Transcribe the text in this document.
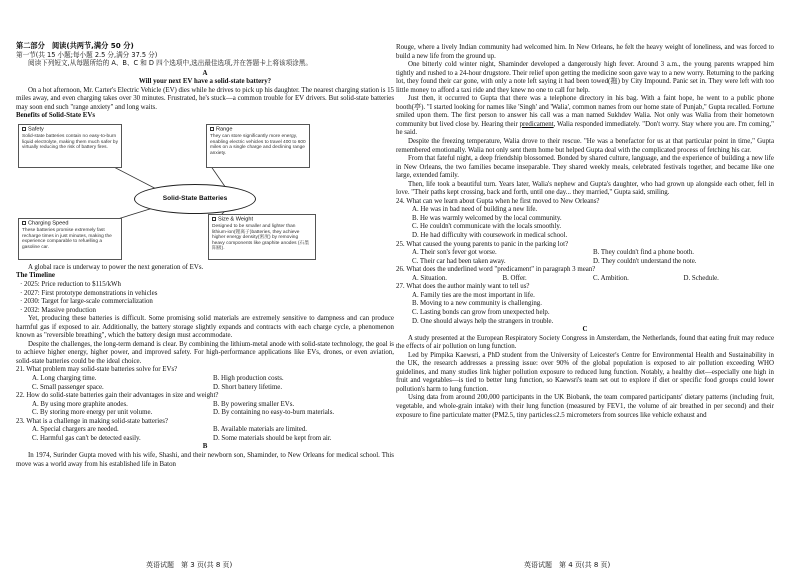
第二部分　阅读(共两节,满分 50 分)

第一节(共 15 小题;每小题 2.5 分,满分 37.5 分)

阅读下列短文,从每题所给的 A、B、C 和 D 四个选项中,选出最佳选项,并在答题卡上将该项涂黑。

A

Will your next EV have a solid-state battery?

On a hot afternoon, Mr. Carter's Electric Vehicle (EV) dies while he drives to pick up his daughter. The nearest charging station is 15 miles away, and even charging takes over 30 minutes. Frustrated, he's stuck—a common trouble for EV drivers. But solid-state batteries may soon end such "range anxiety" and long waits.

Benefits of Solid-State EVs

Safety
Solid-state batteries contain no easy-to-burn liquid electrolyte, making them much safer by virtually reducing the risk of battery fires.
Range
They can store significantly more energy, enabling electric vehicles to travel 400 to 600 miles on a single charge and declining range anxiety.
Solid-State Batteries
Charging Speed
These batteries promise extremely fast recharge times in just minutes, making the experience comparable to refuelling a gasoline car.
Size & Weight
Designed to be smaller and lighter than lithium-ion(锂离子)batteries, they achieve higher energy density(密度) by removing heavy components like graphite anodes (石墨阳极).

A global race is underway to power the next generation of EVs.

The Timeline

· 2025: Price reduction to $115/kWh

· 2027: First prototype demonstrations in vehicles

· 2030: Target for large-scale commercialization

· 2032: Massive production

Yet, producing these batteries is difficult. Some promising solid materials are extremely sensitive to dampness and can produce harmful gas if exposed to air. Additionally, the battery storage slightly expands and contracts with each charge cycle, a phenomenon known as "reversible breathing", which the battery design must accommodate.

Despite the challenges, the long-term demand is clear. By combining the lithium-metal anode with solid-state technology, the goal is to achieve higher energy, higher power, and improved safety. For high-performance applications like EVs, drones, or even aviation, solid-state batteries could be the ideal choice.

21. What problem may solid-state batteries solve for EVs?

A. Long charging time.	B. High production costs.
C. Small passenger space.	D. Short battery lifetime.

22. How do solid-state batteries gain their advantages in size and weight?

A. By using more graphite anodes.	B. By powering smaller EVs.
C. By storing more energy per unit volume.	D. By containing no easy-to-burn materials.

23. What is a challenge in making solid-state batteries?

A. Special chargers are needed.	B. Available materials are limited.
C. Harmful gas can't be detected easily.	D. Some materials should be kept from air.

B

In 1974, Surinder Gupta moved with his wife, Shashi, and their newborn son, Shaminder, to New Orleans for medical school. This move was a world away from his established life in Baton

Rouge, where a lively Indian community had welcomed him. In New Orleans, he felt the heavy weight of loneliness, and was forced to build a new life from the ground up.

One bitterly cold winter night, Shaminder developed a dangerously high fever. Around 3 a.m., the young parents wrapped him tightly and rushed to a 24-hour drugstore. Their relief upon getting the medicine soon gave way to a new worry. Returning to the parking lot, they found their car gone, with only a note left saying it had been towed(拖) by City Impound. Panic set in. They were left with too little money to afford a taxi ride and they knew no one to call for help.

Just then, it occurred to Gupta that there was a telephone directory in his bag. With a faint hope, he went to a public phone booth(亭). "I started looking for names like 'Singh' and 'Walia', common names from our home state of Punjab," Gupta recalled. Fortune smiled upon them. The first person to answer his call was a man named Sukhdev Walia. Not only was Walia from their hometown community but lived close by. Hearing their predicament, Walia responded immediately. "Don't worry. Stay where you are. I'm coming," he said.

Despite the freezing temperature, Walia drove to their rescue. "He was a benefactor for us at that particular point in time," Gupta remembered emotionally. Walia not only sent them home but helped Gupta deal with the complicated process of fetching his car.

From that fateful night, a deep friendship blossomed. Bonded by shared culture, language, and the experience of building a new life in New Orleans, the two families became inseparable. They shared weekly meals, celebrated festivals together, and became like one large, extended family.

Then, life took a beautiful turn. Years later, Walia's nephew and Gupta's daughter, who had grown up alongside each other, fell in love. "Their paths kept crossing, back and forth, until one day... they married," Gupta said, smiling.

24. What can we learn about Gupta when he first moved to New Orleans?

A. He was in bad need of building a new life.

B. He was warmly welcomed by the local community.

C. He couldn't communicate with the locals smoothly.

D. He had difficulty with coursework in medical school.

25. What caused the young parents to panic in the parking lot?

A. Their son's fever got worse.	B. They couldn't find a phone booth.
C. Their car had been taken away.	D. They couldn't understand the note.

26. What does the underlined word "predicament" in paragraph 3 mean?

A. Situation.	B. Offer.	C. Ambition.	D. Schedule.

27. What does the author mainly want to tell us?

A. Family ties are the most important in life.

B. Moving to a new community is challenging.

C. Lasting bonds can grow from unexpected help.

D. One should always help the strangers in trouble.

C

A study presented at the European Respiratory Society Congress in Amsterdam, the Netherlands, found that eating fruit may reduce the effects of air pollution on lung function.

Led by Pimpika Kaewsri, a PhD student from the University of Leicester's Centre for Environmental Health and Sustainability in the UK, the research addresses a pressing issue: over 90% of the global population is exposed to air pollution exceeding WHO guidelines, and many studies link higher pollution exposure to reduced lung function. Notably, a healthy diet—especially one high in fruit and vegetables—is tied to better lung function, so Kaewsri's team set out to explore if diet or specific food groups could lower pollution's harm to lung function.

Using data from around 200,000 participants in the UK Biobank, the team compared participants' dietary patterns (including fruit, vegetable, and whole-grain intake) with their lung function (measured by FEV1, the volume of air breathed in per second) and their exposure to fine particulate matter (PM2.5, tiny particles≤2.5 micrometers from sources like vehicle exhaust and

英语试题　第 3 页(共 8 页)	英语试题　第 4 页(共 8 页)
